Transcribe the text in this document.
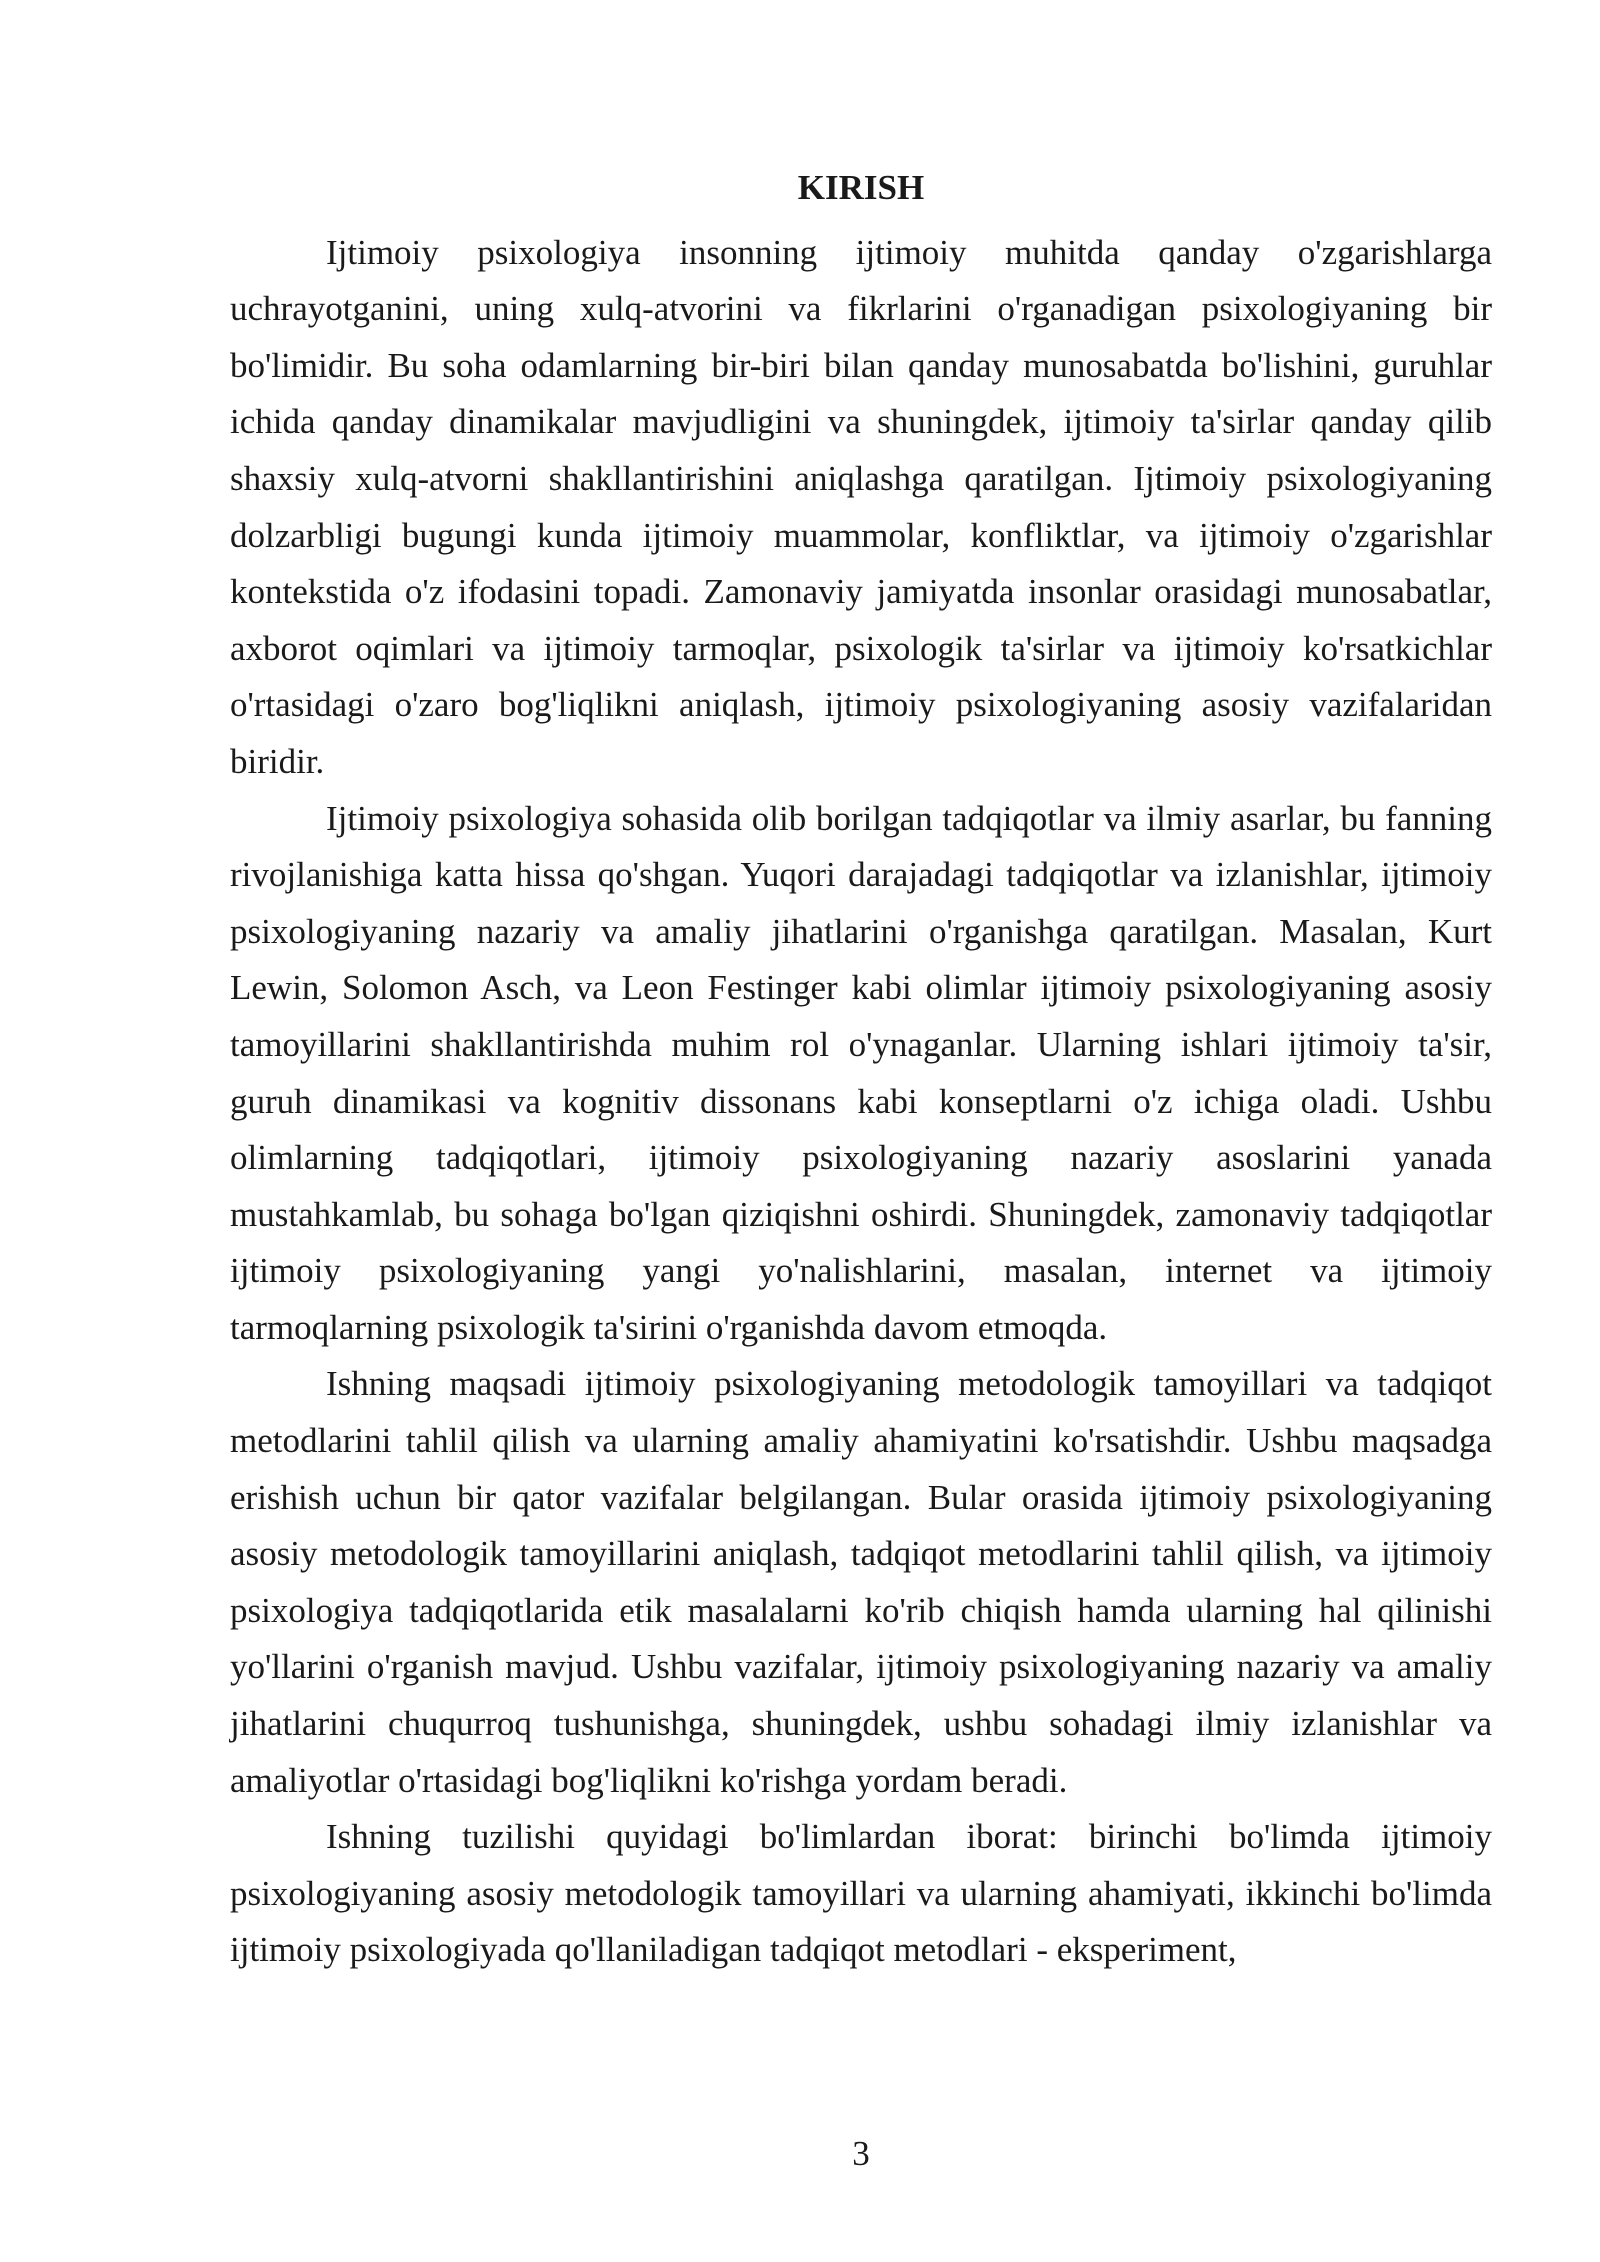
KIRISH

Ijtimoiy psixologiya insonning ijtimoiy muhitda qanday o'zgarishlarga uchrayotganini, uning xulq-atvorini va fikrlarini o'rganadigan psixologiyaning bir bo'limidir. Bu soha odamlarning bir-biri bilan qanday munosabatda bo'lishini, guruhlar ichida qanday dinamikalar mavjudligini va shuningdek, ijtimoiy ta'sirlar qanday qilib shaxsiy xulq-atvorni shakllantirishini aniqlashga qaratilgan. Ijtimoiy psixologiyaning dolzarbligi bugungi kunda ijtimoiy muammolar, konfliktlar, va ijtimoiy o'zgarishlar kontekstida o'z ifodasini topadi. Zamonaviy jamiyatda insonlar orasidagi munosabatlar, axborot oqimlari va ijtimoiy tarmoqlar, psixologik ta'sirlar va ijtimoiy ko'rsatkichlar o'rtasidagi o'zaro bog'liqlikni aniqlash, ijtimoiy psixologiyaning asosiy vazifalaridan biridir.

Ijtimoiy psixologiya sohasida olib borilgan tadqiqotlar va ilmiy asarlar, bu fanning rivojlanishiga katta hissa qo'shgan. Yuqori darajadagi tadqiqotlar va izlanishlar, ijtimoiy psixologiyaning nazariy va amaliy jihatlarini o'rganishga qaratilgan. Masalan, Kurt Lewin, Solomon Asch, va Leon Festinger kabi olimlar ijtimoiy psixologiyaning asosiy tamoyillarini shakllantirishda muhim rol o'ynaganlar. Ularning ishlari ijtimoiy ta'sir, guruh dinamikasi va kognitiv dissonans kabi konseptlarni o'z ichiga oladi. Ushbu olimlarning tadqiqotlari, ijtimoiy psixologiyaning nazariy asoslarini yanada mustahkamlab, bu sohaga bo'lgan qiziqishni oshirdi. Shuningdek, zamonaviy tadqiqotlar ijtimoiy psixologiyaning yangi yo'nalishlarini, masalan, internet va ijtimoiy tarmoqlarning psixologik ta'sirini o'rganishda davom etmoqda.

Ishning maqsadi ijtimoiy psixologiyaning metodologik tamoyillari va tadqiqot metodlarini tahlil qilish va ularning amaliy ahamiyatini ko'rsatishdir. Ushbu maqsadga erishish uchun bir qator vazifalar belgilangan. Bular orasida ijtimoiy psixologiyaning asosiy metodologik tamoyillarini aniqlash, tadqiqot metodlarini tahlil qilish, va ijtimoiy psixologiya tadqiqotlarida etik masalalarni ko'rib chiqish hamda ularning hal qilinishi yo'llarini o'rganish mavjud. Ushbu vazifalar, ijtimoiy psixologiyaning nazariy va amaliy jihatlarini chuqurroq tushunishga, shuningdek, ushbu sohadagi ilmiy izlanishlar va amaliyotlar o'rtasidagi bog'liqlikni ko'rishga yordam beradi.

Ishning tuzilishi quyidagi bo'limlardan iborat: birinchi bo'limda ijtimoiy psixologiyaning asosiy metodologik tamoyillari va ularning ahamiyati, ikkinchi bo'limda ijtimoiy psixologiyada qo'llaniladigan tadqiqot metodlari - eksperiment,

3
